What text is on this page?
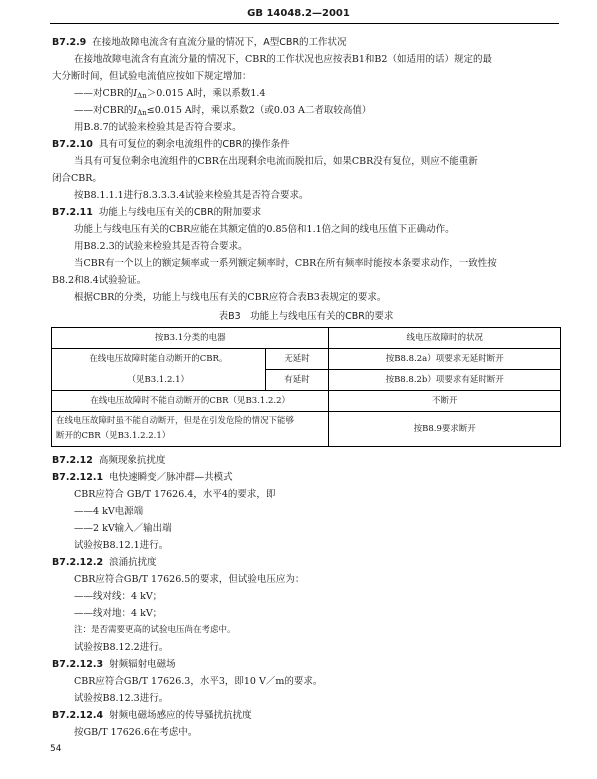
GB 14048.2—2001
B7.2.9 在接地故障电流含有直流分量的情况下，A型CBR的工作状况
在接地故障电流含有直流分量的情况下，CBR的工作状况也应按表B1和B2（如适用的话）规定的最
大分断时间，但试验电流值应按如下规定增加：
——对CBR的$I_{\Delta n}>0.015$ A时，乘以系数1.4
——对CBR的$I_{\Delta n}\le 0.015$ A时，乘以系数2（或0.03 A二者取较高值）
用B.8.7的试验来检验其是否符合要求。
B7.2.10 具有可复位的剩余电流组件的CBR的操作条件
当具有可复位剩余电流组件的CBR在出现剩余电流而脱扣后，如果CBR没有复位，则应不能重新
闭合CBR。
按B8.1.1.1进行8.3.3.3.4试验来检验其是否符合要求。
B7.2.11 功能上与线电压有关的CBR的附加要求
功能上与线电压有关的CBR应能在其额定值的0.85倍和1.1倍之间的线电压值下正确动作。
用B8.2.3的试验来检验其是否符合要求。
当CBR有一个以上的额定频率或一系列额定频率时，CBR在所有频率时能按本条要求动作，一致性按
B8.2和8.4试验验证。
根据CBR的分类，功能上与线电压有关的CBR应符合表B3表规定的要求。
表B3　功能上与线电压有关的CBR的要求
按B3.1分类的电器		线电压故障时的状况

在线电压故障时能自动断开的CBR。
（见B3.1.2.1）	无延时	按B8.8.2a）项要求无延时断开
	有延时	按B8.8.2b）项要求有延时断开
在线电压故障时不能自动断开的CBR（见B3.1.2.2）		不断开

在线电压故障时虽不能自动断开，但是在引发危险的情况下能够
断开的CBR（见B3.1.2.2.1）		按B8.9要求断开
B7.2.12 高频现象抗扰度
B7.2.12.1 电快速瞬变／脉冲群—共模式
CBR应符合 GB/T 17626.4，水平4的要求，即
——4 kV电源端
——2 kV输入／输出端
试验按B8.12.1进行。
B7.2.12.2 浪涌抗扰度
CBR应符合GB/T 17626.5的要求，但试验电压应为：
——线对线：4 kV；
——线对地：4 kV；
注：是否需要更高的试验电压尚在考虑中。
试验按B8.12.2进行。
B7.2.12.3 射频辐射电磁场
CBR应符合GB/T 17626.3，水平3，即10 V／m的要求。
试验按B8.12.3进行。
B7.2.12.4 射频电磁场感应的传导骚扰抗扰度
按GB/T 17626.6在考虑中。
54
